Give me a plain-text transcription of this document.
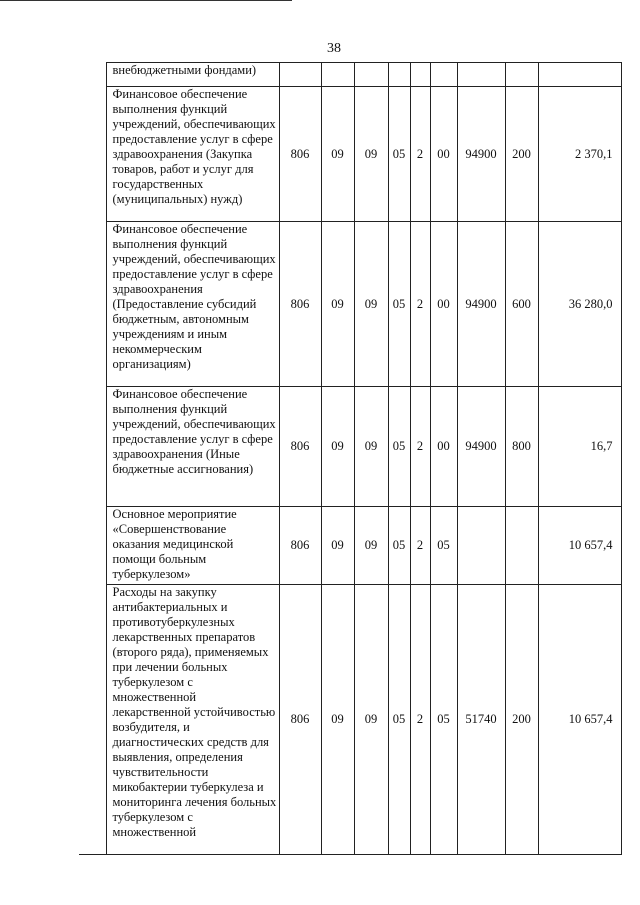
38
	внебюджетными фондами)									
	Финансовое обеспечение выполнения функций учреждений, обеспечивающих предоставление услуг в сфере здравоохранения (Закупка товаров, работ и услуг для государственных (муниципальных) нужд)	806	09	09	05	2	00	94900	200	2 370,1
	Финансовое обеспечение выполнения функций учреждений, обеспечивающих предоставление услуг в сфере здравоохранения (Предоставление субсидий бюджетным, автономным учреждениям и иным некоммерческим организациям)	806	09	09	05	2	00	94900	600	36 280,0
	Финансовое обеспечение выполнения функций учреждений, обеспечивающих предоставление услуг в сфере здравоохранения (Иные бюджетные ассигнования)	806	09	09	05	2	00	94900	800	16,7
	Основное мероприятие «Совершенствование оказания медицинской помощи больным туберкулезом»	806	09	09	05	2	05			10 657,4
	Расходы на закупку антибактериальных и противотуберкулезных лекарственных препаратов (второго ряда), применяемых при лечении больных туберкулезом с множественной лекарственной устойчивостью возбудителя, и диагностических средств для выявления, определения чувствительности микобактерии туберкулеза и мониторинга лечения больных туберкулезом с множественной	806	09	09	05	2	05	51740	200	10 657,4
